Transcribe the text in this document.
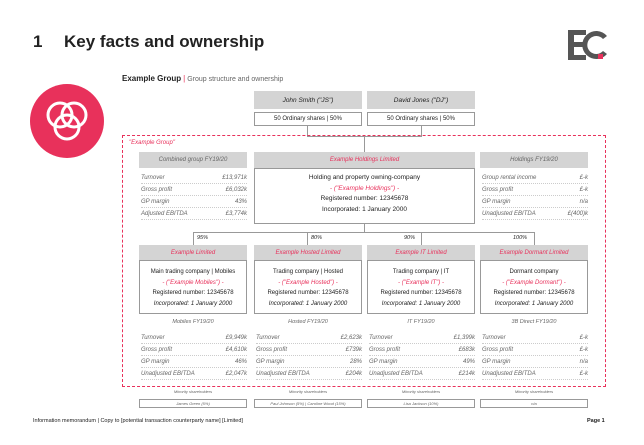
1 Key facts and ownership
Example Group | Group structure and ownership
John Smith ("JS")
50 Ordinary shares | 50%
David Jones ("DJ")
50 Ordinary shares | 50%
"Example Group"
Combined group FY19/20
Turnover	£13,971k
Gross profit	£6,032k
GP margin	43%
Adjusted EBITDA	£3,774k
Example Holdings Limited
Holding and property owning-company
- ("Example Holdings") -
Registered number: 12345678
Incorporated: 1 January 2000
Holdings FY19/20
Group rental income	£-k
Gross profit	£-k
GP margin	n/a
Unadjusted EBITDA	£(400)k
95%	80%	90%	100%
Example Limited
Main trading company | Mobiles
- ("Example Mobiles") -
Registered number: 12345678
Incorporated: 1 January 2000
Mobiles FY19/20
Turnover	£9,949k
Gross profit	£4,610k
GP margin	46%
Unadjusted EBITDA	£2,047k
Example Hosted Limited
Trading company | Hosted
- ("Example Hosted") -
Registered number: 12345678
Incorporated: 1 January 2000
Hosted FY19/20
Turnover	£2,623k
Gross profit	£739k
GP margin	28%
Unadjusted EBITDA	£204k
Example IT Limited
Trading company | IT
- ("Example IT") -
Registered number: 12345678
Incorporated: 1 January 2000
IT FY19/20
Turnover	£1,399k
Gross profit	£683k
GP margin	49%
Unadjusted EBITDA	£214k
Example Dormant Limited
Dormant company
- ("Example Dormant") -
Registered number: 12345678
Incorporated: 1 January 2000
3B Direct FY19/20
Turnover	£-k
Gross profit	£-k
GP margin	n/a
Unadjusted EBITDA	£-k
Minority shareholders
James Green (5%)
Minority shareholders
Paul Johnson (5%) | Caroline Wood (15%)
Minority shareholders
Lisa Jackson (10%)
Minority shareholders
n/a
Information memorandum | Copy to [potential transaction counterparty name] [Limited]	Page 1
